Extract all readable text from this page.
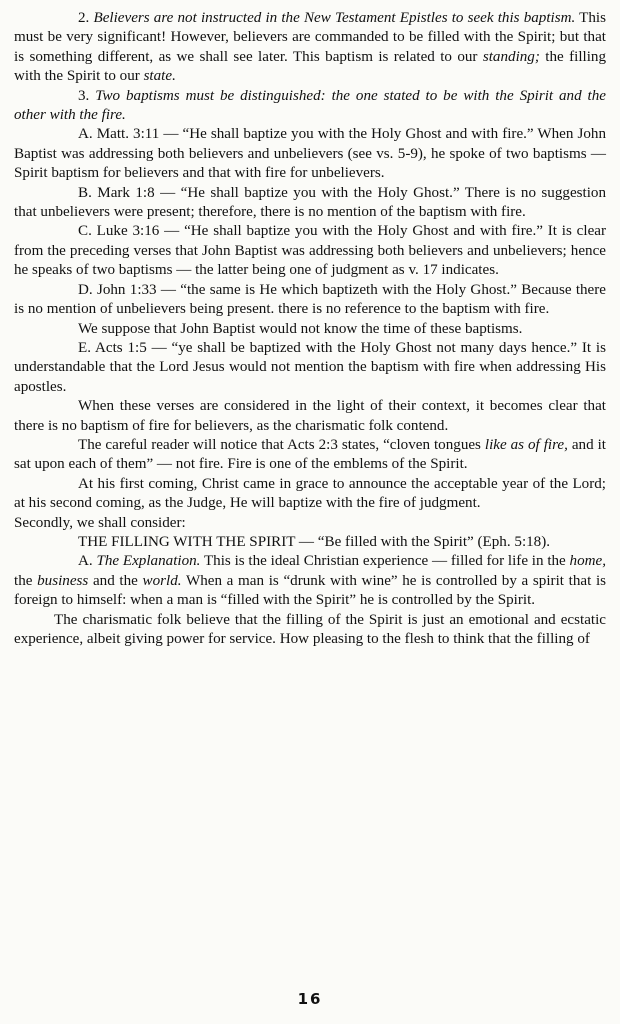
2. Believers are not instructed in the New Testament Epistles to seek this baptism. This must be very significant! However, believers are commanded to be filled with the Spirit; but that is something different, as we shall see later. This baptism is related to our standing; the filling with the Spirit to our state.

3. Two baptisms must be distinguished: the one stated to be with the Spirit and the other with the fire.

A. Matt. 3:11 — “He shall baptize you with the Holy Ghost and with fire.” When John Baptist was addressing both believers and unbelievers (see vs. 5-9), he spoke of two baptisms — Spirit baptism for believers and that with fire for unbelievers.

B. Mark 1:8 — “He shall baptize you with the Holy Ghost.” There is no suggestion that unbelievers were present; therefore, there is no mention of the baptism with fire.

C. Luke 3:16 — “He shall baptize you with the Holy Ghost and with fire.” It is clear from the preceding verses that John Baptist was addressing both believers and unbelievers; hence he speaks of two baptisms — the latter being one of judgment as v. 17 indicates.

D. John 1:33 — “the same is He which baptizeth with the Holy Ghost.” Because there is no mention of unbelievers being present. there is no reference to the baptism with fire.

We suppose that John Baptist would not know the time of these baptisms.

E. Acts 1:5 — “ye shall be baptized with the Holy Ghost not many days hence.” It is understandable that the Lord Jesus would not mention the baptism with fire when addressing His apostles.

When these verses are considered in the light of their context, it becomes clear that there is no baptism of fire for believers, as the charismatic folk contend.

The careful reader will notice that Acts 2:3 states, “cloven tongues like as of fire, and it sat upon each of them” — not fire. Fire is one of the emblems of the Spirit.

At his first coming, Christ came in grace to announce the acceptable year of the Lord; at his second coming, as the Judge, He will baptize with the fire of judgment.

Secondly, we shall consider:

THE FILLING WITH THE SPIRIT — “Be filled with the Spirit” (Eph. 5:18).

A. The Explanation. This is the ideal Christian experience — filled for life in the home, the business and the world. When a man is “drunk with wine” he is controlled by a spirit that is foreign to himself: when a man is “filled with the Spirit” he is controlled by the Spirit.

The charismatic folk believe that the filling of the Spirit is just an emotional and ecstatic experience, albeit giving power for service. How pleasing to the flesh to think that the filling of

16
